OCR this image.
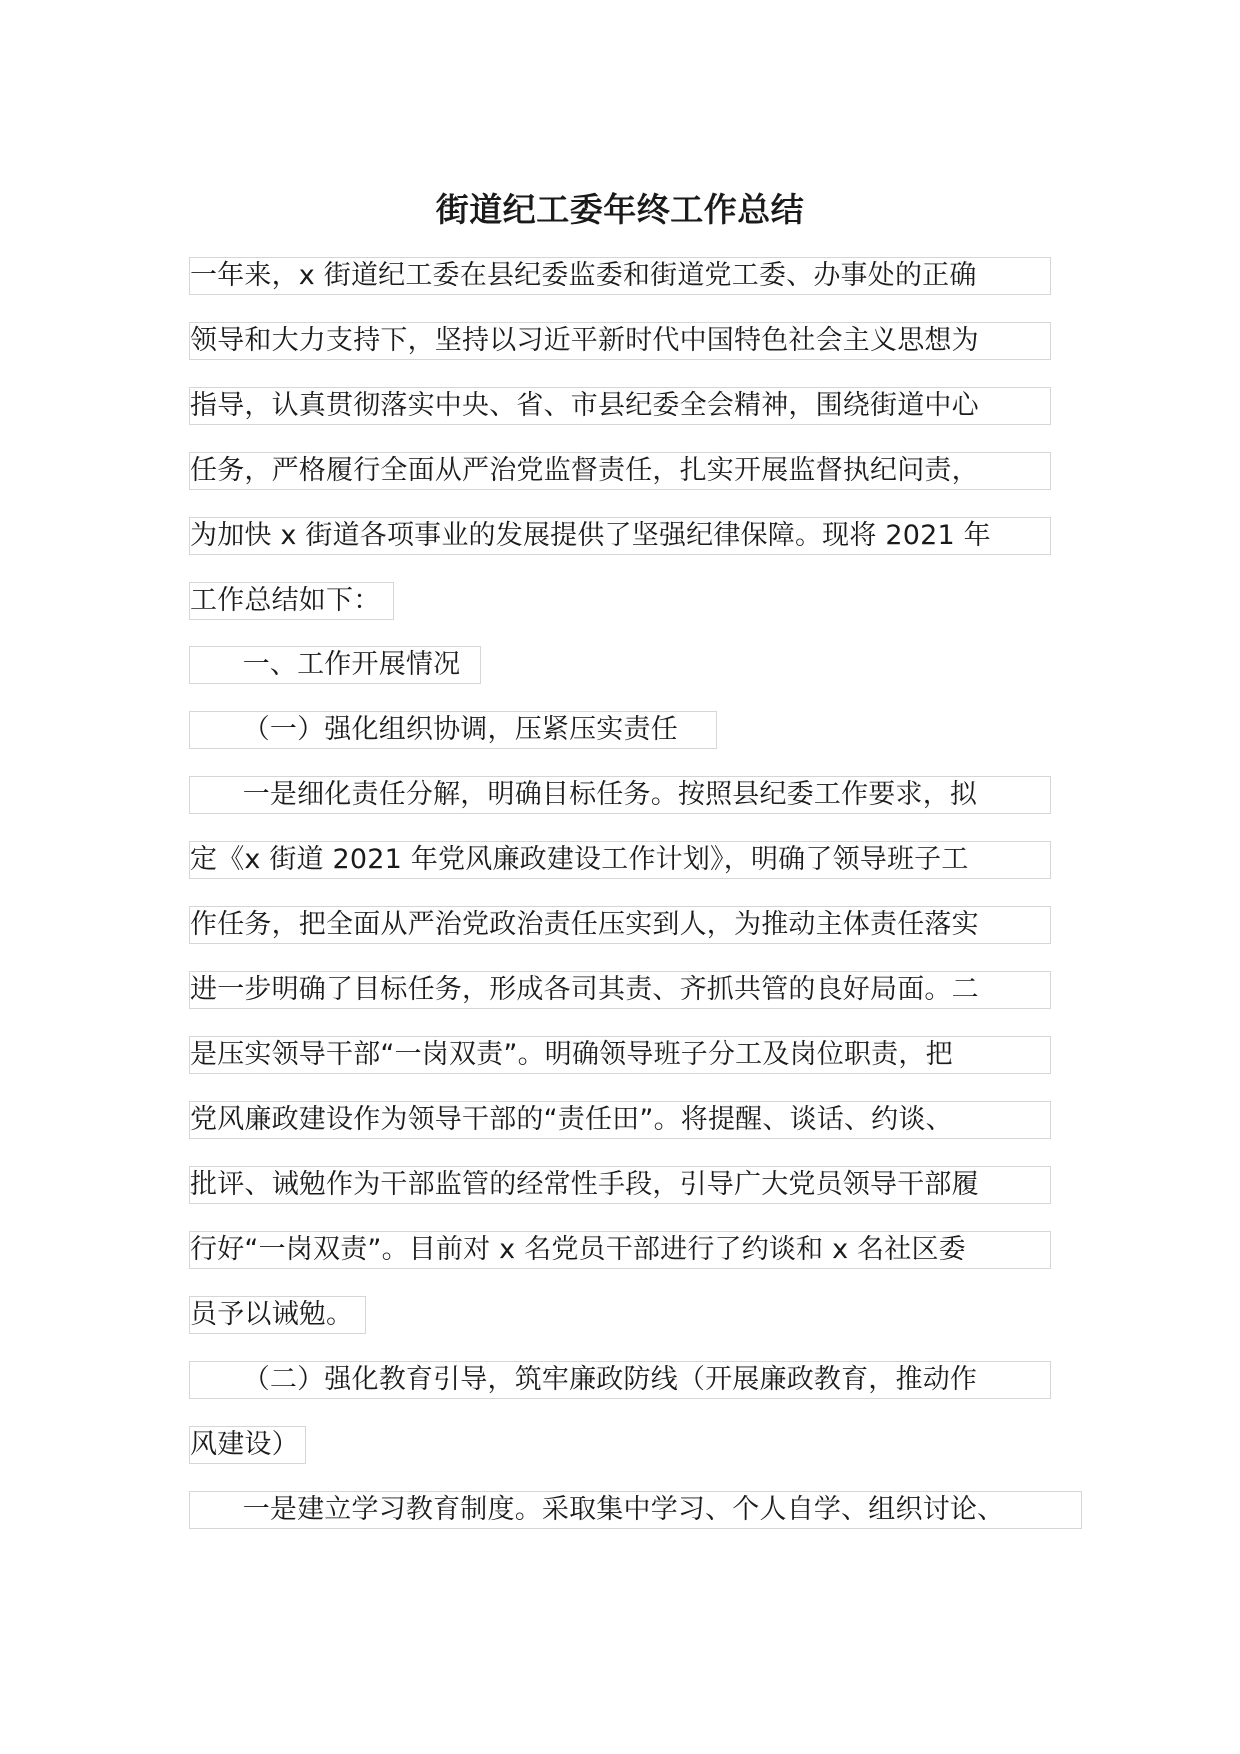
街道纪工委年终工作总结
一年来，x 街道纪工委在县纪委监委和街道党工委、办事处的正确
领导和大力支持下，坚持以习近平新时代中国特色社会主义思想为
指导，认真贯彻落实中央、省、市县纪委全会精神，围绕街道中心
任务，严格履行全面从严治党监督责任，扎实开展监督执纪问责，
为加快 x 街道各项事业的发展提供了坚强纪律保障。现将 2021 年
工作总结如下：
一、工作开展情况
（一）强化组织协调，压紧压实责任
一是细化责任分解，明确目标任务。按照县纪委工作要求，拟
定《x 街道 2021 年党风廉政建设工作计划》，明确了领导班子工
作任务，把全面从严治党政治责任压实到人，为推动主体责任落实
进一步明确了目标任务，形成各司其责、齐抓共管的良好局面。二
是压实领导干部“一岗双责”。明确领导班子分工及岗位职责，把
党风廉政建设作为领导干部的“责任田”。将提醒、谈话、约谈、
批评、诫勉作为干部监管的经常性手段，引导广大党员领导干部履
行好“一岗双责”。目前对 x 名党员干部进行了约谈和 x 名社区委
员予以诫勉。
（二）强化教育引导，筑牢廉政防线（开展廉政教育，推动作
风建设）
一是建立学习教育制度。采取集中学习、个人自学、组织讨论、
